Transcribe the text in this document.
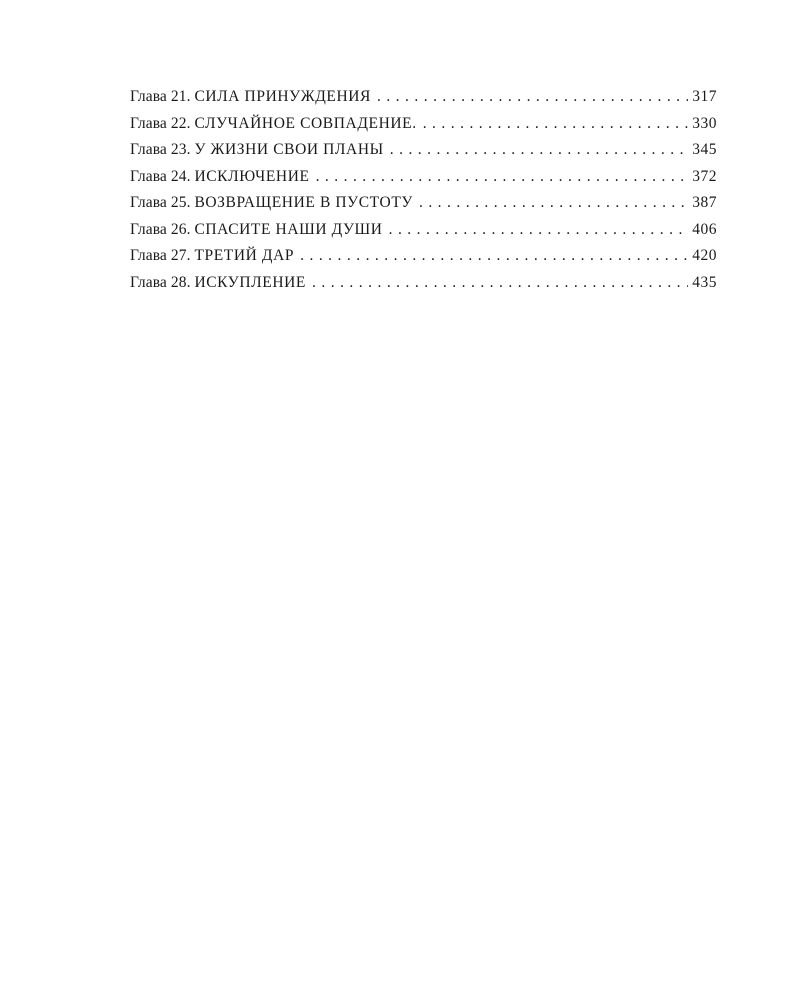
Глава 21. СИЛА ПРИНУЖДЕНИЯ . . .	317
Глава 22. СЛУЧАЙНОЕ СОВПАДЕНИЕ. . . .	330
Глава 23. У ЖИЗНИ СВОИ ПЛАНЫ . . .	345
Глава 24. ИСКЛЮЧЕНИЕ . . .	372
Глава 25. ВОЗВРАЩЕНИЕ В ПУСТОТУ . . .	387
Глава 26. СПАСИТЕ НАШИ ДУШИ . . .	406
Глава 27. ТРЕТИЙ ДАР . . .	420
Глава 28. ИСКУПЛЕНИЕ . . .	435
